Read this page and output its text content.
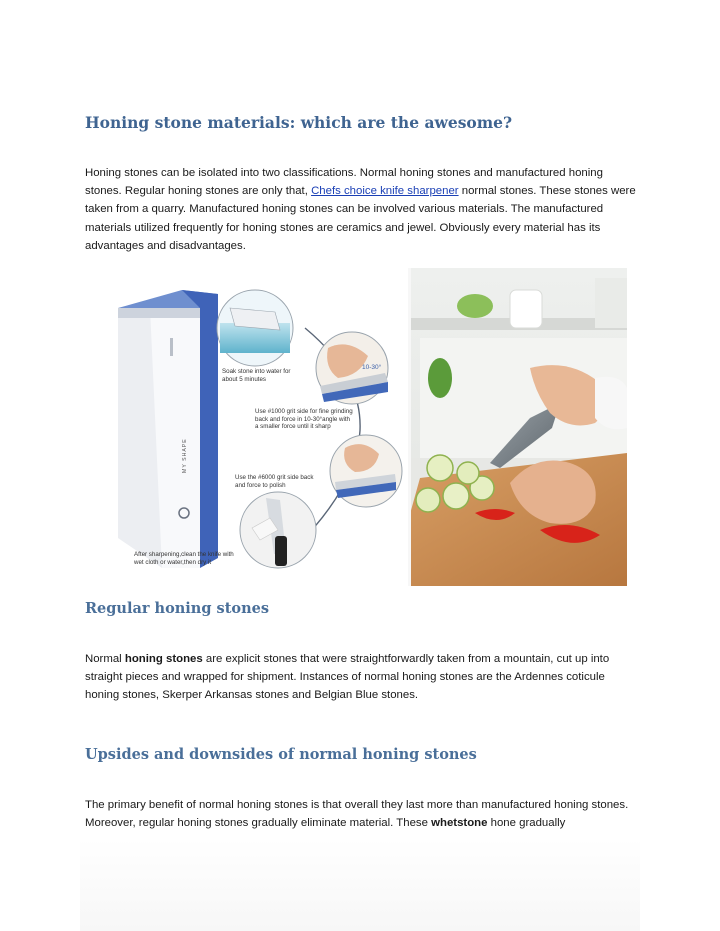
Honing stone materials: which are the awesome?

Honing stones can be isolated into two classifications. Normal honing stones and manufactured honing stones. Regular honing stones are only that, Chefs choice knife sharpener normal stones. These stones were taken from a quarry. Manufactured honing stones can be involved various materials. The manufactured materials utilized frequently for honing stones are ceramics and jewel. Obviously every material has its advantages and disadvantages.

10-30°
Soak stone into water for
about 5 minutes
Use #1000 grit side for fine grinding
back and force in 10-30°angle with
a smaller force until it sharp
Use the #6000 grit side back
and force to polish
After sharpening,clean the knife with
wet cloth or water,then dry it
MY SHAPE
Regular honing stones

Normal honing stones are explicit stones that were straightforwardly taken from a mountain, cut up into straight pieces and wrapped for shipment. Instances of normal honing stones are the Ardennes coticule honing stones, Skerper Arkansas stones and Belgian Blue stones.

Upsides and downsides of normal honing stones

The primary benefit of normal honing stones is that overall they last more than manufactured honing stones. Moreover, regular honing stones gradually eliminate material. These whetstone hone gradually
